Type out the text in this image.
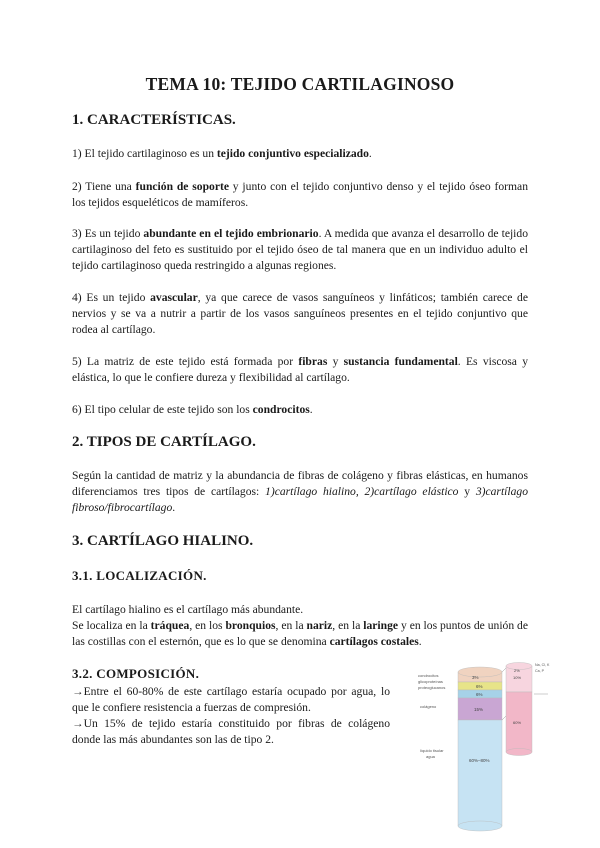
TEMA 10: TEJIDO CARTILAGINOSO
1. CARACTERÍSTICAS.
1) El tejido cartilaginoso es un tejido conjuntivo especializado.
2) Tiene una función de soporte y junto con el tejido conjuntivo denso y el tejido óseo forman los tejidos esqueléticos de mamíferos.
3) Es un tejido abundante en el tejido embrionario. A medida que avanza el desarrollo de tejido cartilaginoso del feto es sustituido por el tejido óseo de tal manera que en un individuo adulto el tejido cartilaginoso queda restringido a algunas regiones.
4) Es un tejido avascular, ya que carece de vasos sanguíneos y linfáticos; también carece de nervios y se va a nutrir a partir de los vasos sanguíneos presentes en el tejido conjuntivo que rodea al cartílago.
5) La matriz de este tejido está formada por fibras y sustancia fundamental. Es viscosa y elástica, lo que le confiere dureza y flexibilidad al cartílago.
6) El tipo celular de este tejido son los condrocitos.
2. TIPOS DE CARTÍLAGO.
Según la cantidad de matriz y la abundancia de fibras de colágeno y fibras elásticas, en humanos diferenciamos tres tipos de cartílagos: 1)cartílago hialino, 2)cartílago elástico y 3)cartílago fibroso/fibrocartílago.
3. CARTÍLAGO HIALINO.
3.1. LOCALIZACIÓN.
El cartílago hialino es el cartílago más abundante.
Se localiza en la tráquea, en los bronquios, en la nariz, en la laringe y en los puntos de unión de las costillas con el esternón, que es lo que se denomina cartílagos costales.
3.2. COMPOSICIÓN.
→Entre el 60-80% de este cartílago estaría ocupado por agua, lo que le confiere resistencia a fuerzas de compresión.
→Un 15% de tejido estaría constituido por fibras de colágeno donde las más abundantes son las de tipo 2.
condrocitos
glicoproteínas
proteoglucanos
colágeno
líquido tisular
agua
3%
6%
6%
15%
60%–80%
2%
10%
60%
Na, Cl, K
Ca, P
